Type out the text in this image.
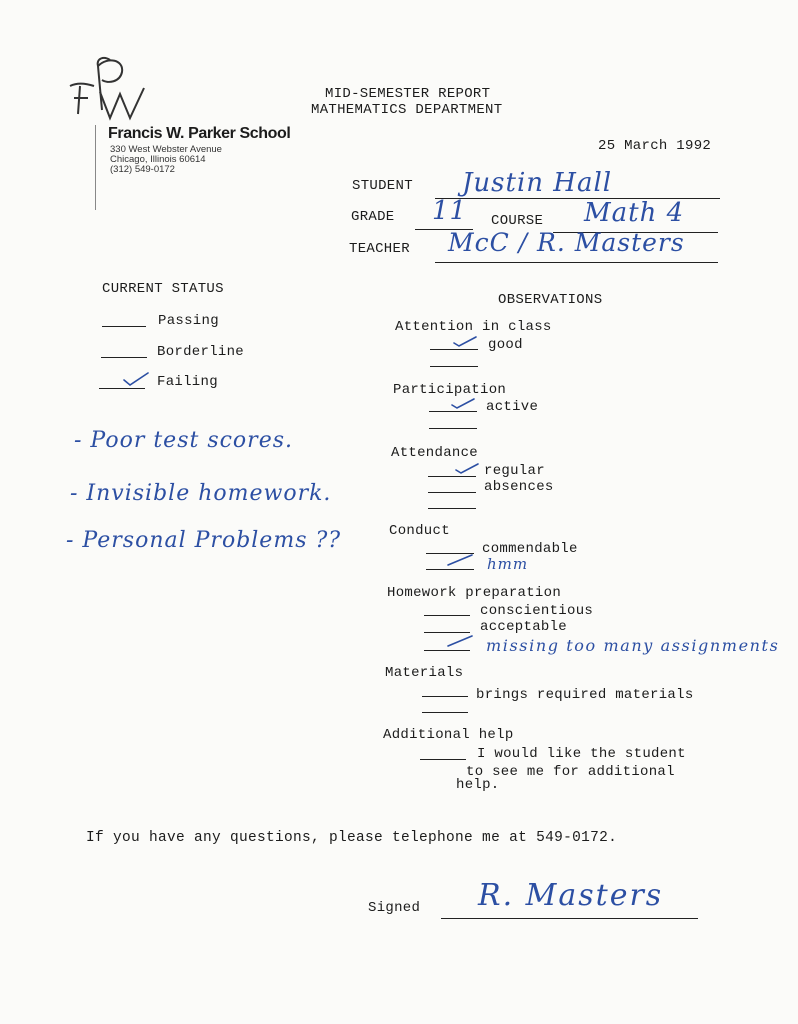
Francis W. Parker School
330 West Webster Avenue
Chicago, Illinois 60614
(312) 549-0172
MID-SEMESTER REPORT
MATHEMATICS DEPARTMENT
25 March 1992
STUDENT Justin Hall
GRADE 11 COURSE Math 4
TEACHER McC / R. Masters
CURRENT STATUS
Passing
Borderline
Failing
- Poor test scores.
- Invisible homework.
- Personal Problems ??
OBSERVATIONS
Attention in class
good
Participation
active
Attendance
regular
absences
Conduct
commendable
hmm
Homework preparation
conscientious
acceptable
missing too many assignments
Materials
brings required materials
Additional help
I would like the student
to see me for additional
help.
If you have any questions, please telephone me at 549-0172.
Signed R. Masters
